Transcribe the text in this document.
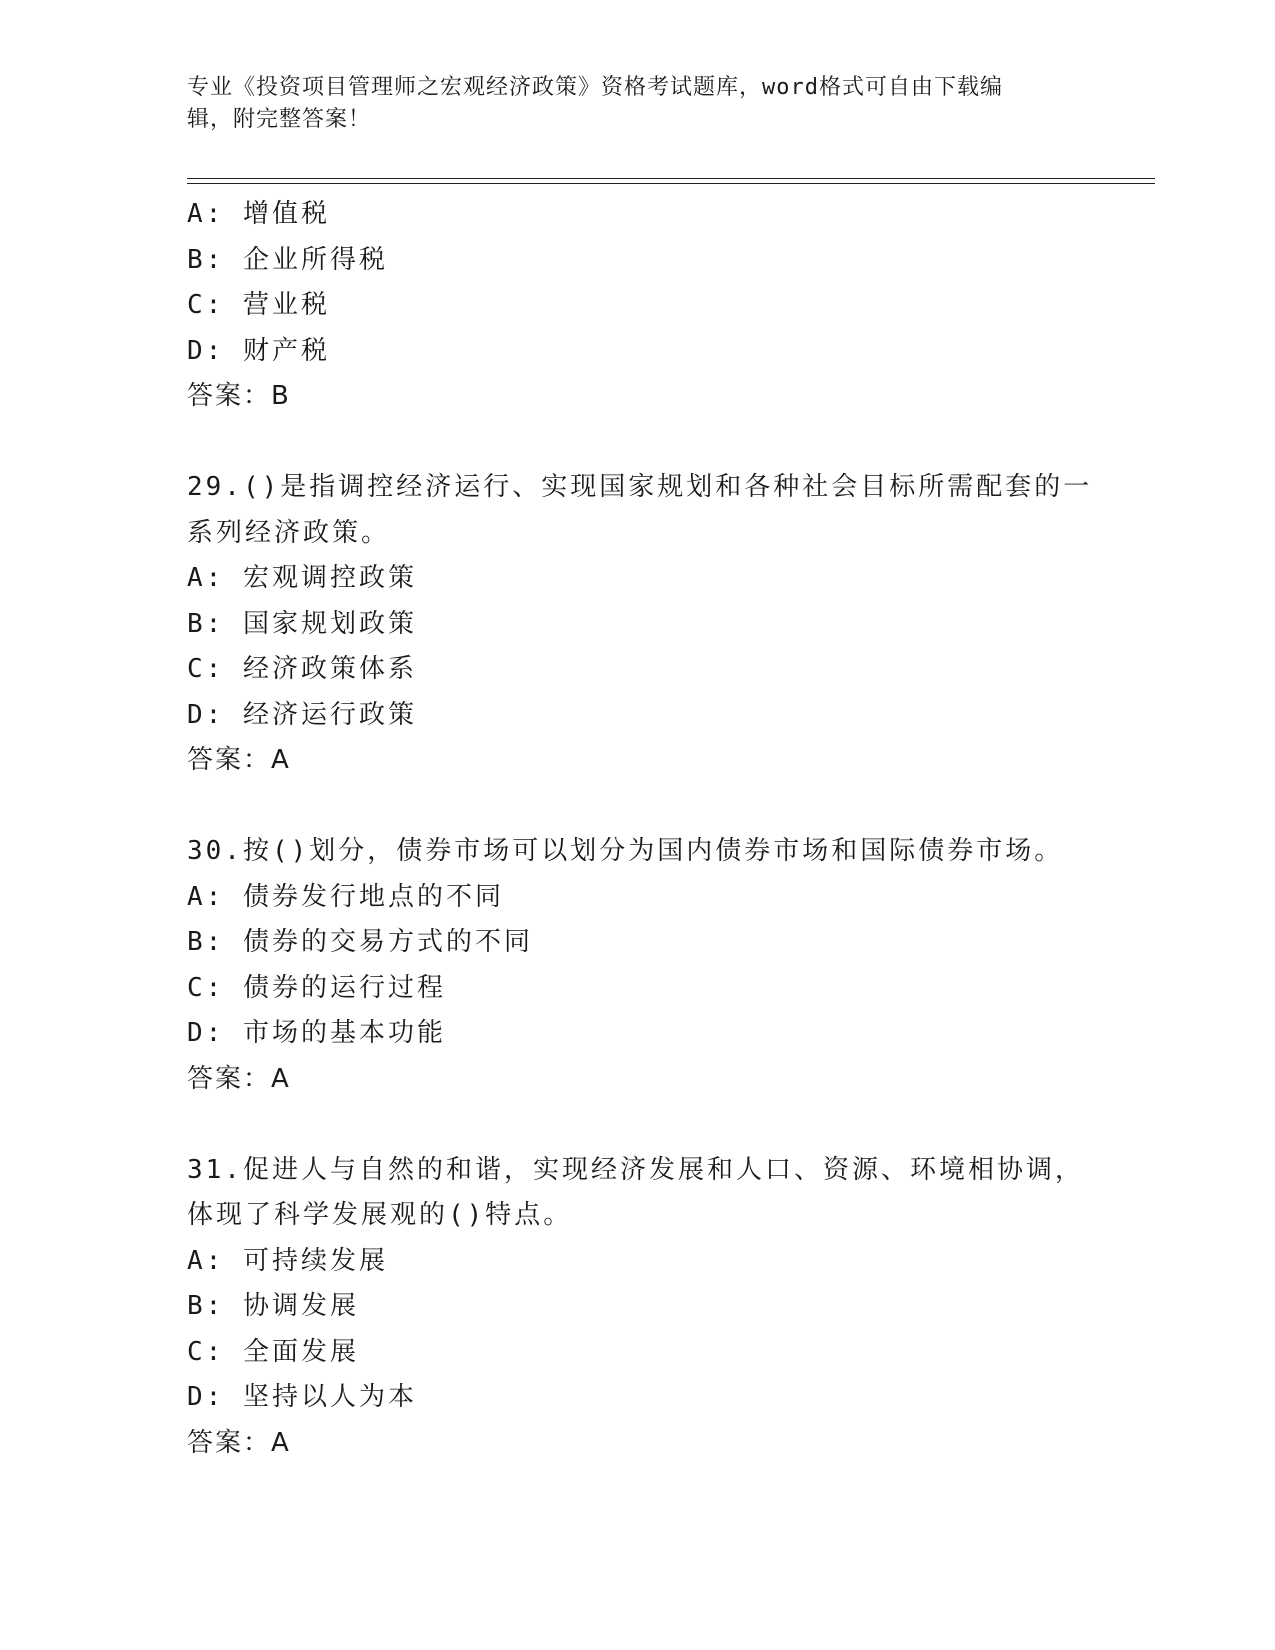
专业《投资项目管理师之宏观经济政策》资格考试题库，word格式可自由下载编
辑，附完整答案！
A: 增值税
B: 企业所得税
C: 营业税
D: 财产税
答案：B
29.()是指调控经济运行、实现国家规划和各种社会目标所需配套的一
系列经济政策。
A: 宏观调控政策
B: 国家规划政策
C: 经济政策体系
D: 经济运行政策
答案：A
30.按()划分，债券市场可以划分为国内债券市场和国际债券市场。
A: 债券发行地点的不同
B: 债券的交易方式的不同
C: 债券的运行过程
D: 市场的基本功能
答案：A
31.促进人与自然的和谐，实现经济发展和人口、资源、环境相协调，
体现了科学发展观的()特点。
A: 可持续发展
B: 协调发展
C: 全面发展
D: 坚持以人为本
答案：A
